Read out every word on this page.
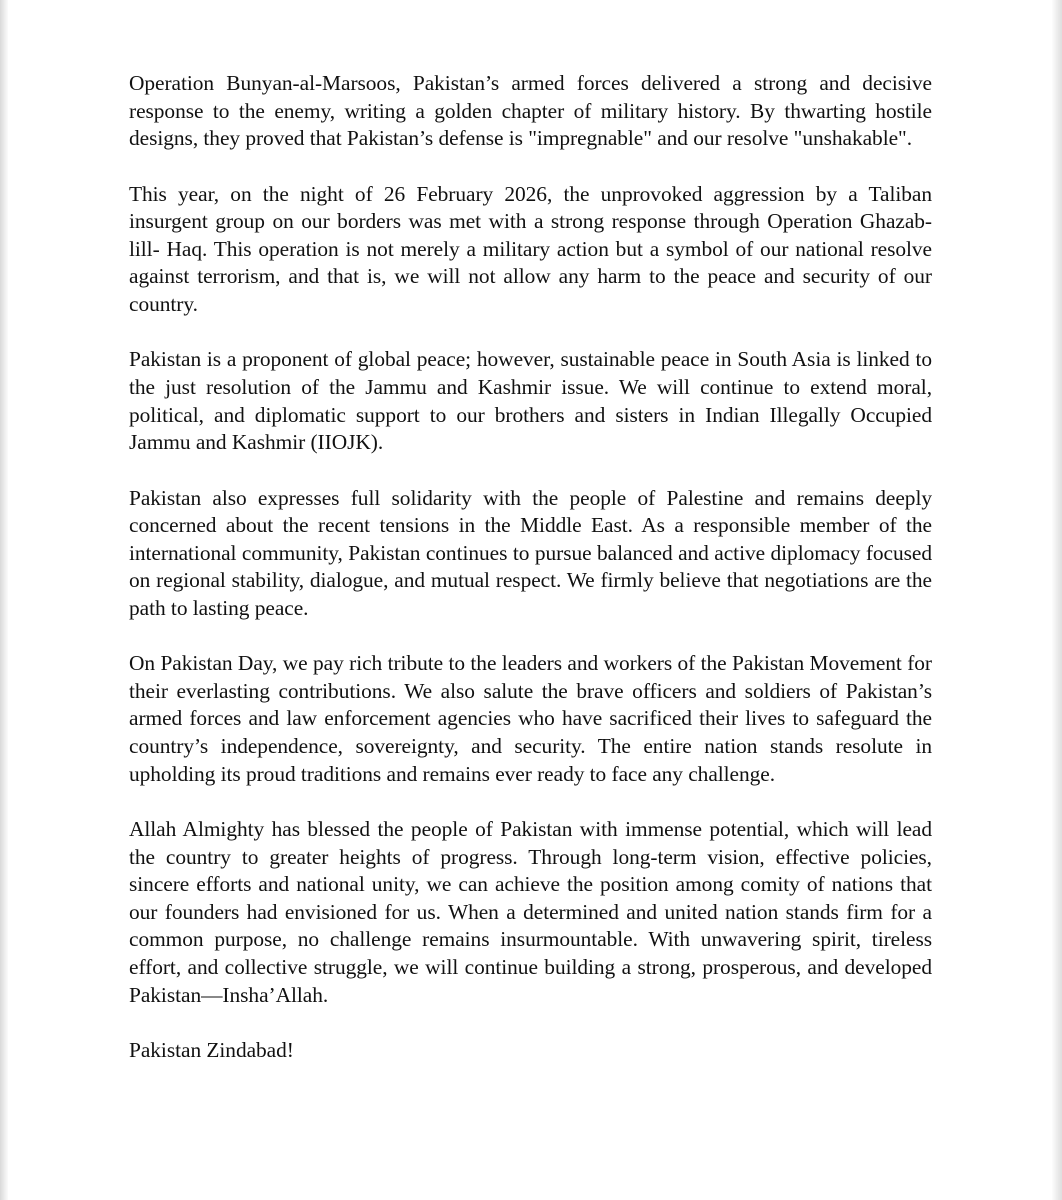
Operation Bunyan-al-Marsoos, Pakistan’s armed forces delivered a strong and decisive response to the enemy, writing a golden chapter of military history. By thwarting hostile designs, they proved that Pakistan’s defense is "impregnable" and our resolve "unshakable".

This year, on the night of 26 February 2026, the unprovoked aggression by a Taliban insurgent group on our borders was met with a strong response through Operation Ghazab-lill- Haq. This operation is not merely a military action but a symbol of our national resolve against terrorism, and that is, we will not allow any harm to the peace and security of our country.

Pakistan is a proponent of global peace; however, sustainable peace in South Asia is linked to the just resolution of the Jammu and Kashmir issue. We will continue to extend moral, political, and diplomatic support to our brothers and sisters in Indian Illegally Occupied Jammu and Kashmir (IIOJK).

Pakistan also expresses full solidarity with the people of Palestine and remains deeply concerned about the recent tensions in the Middle East. As a responsible member of the international community, Pakistan continues to pursue balanced and active diplomacy focused on regional stability, dialogue, and mutual respect. We firmly believe that negotiations are the path to lasting peace.

On Pakistan Day, we pay rich tribute to the leaders and workers of the Pakistan Movement for their everlasting contributions. We also salute the brave officers and soldiers of Pakistan’s armed forces and law enforcement agencies who have sacrificed their lives to safeguard the country’s independence, sovereignty, and security. The entire nation stands resolute in upholding its proud traditions and remains ever ready to face any challenge.

Allah Almighty has blessed the people of Pakistan with immense potential, which will lead the country to greater heights of progress. Through long-term vision, effective policies, sincere efforts and national unity, we can achieve the position among comity of nations that our founders had envisioned for us. When a determined and united nation stands firm for a common purpose, no challenge remains insurmountable. With unwavering spirit, tireless effort, and collective struggle, we will continue building a strong, prosperous, and developed Pakistan—Insha’Allah.

Pakistan Zindabad!
